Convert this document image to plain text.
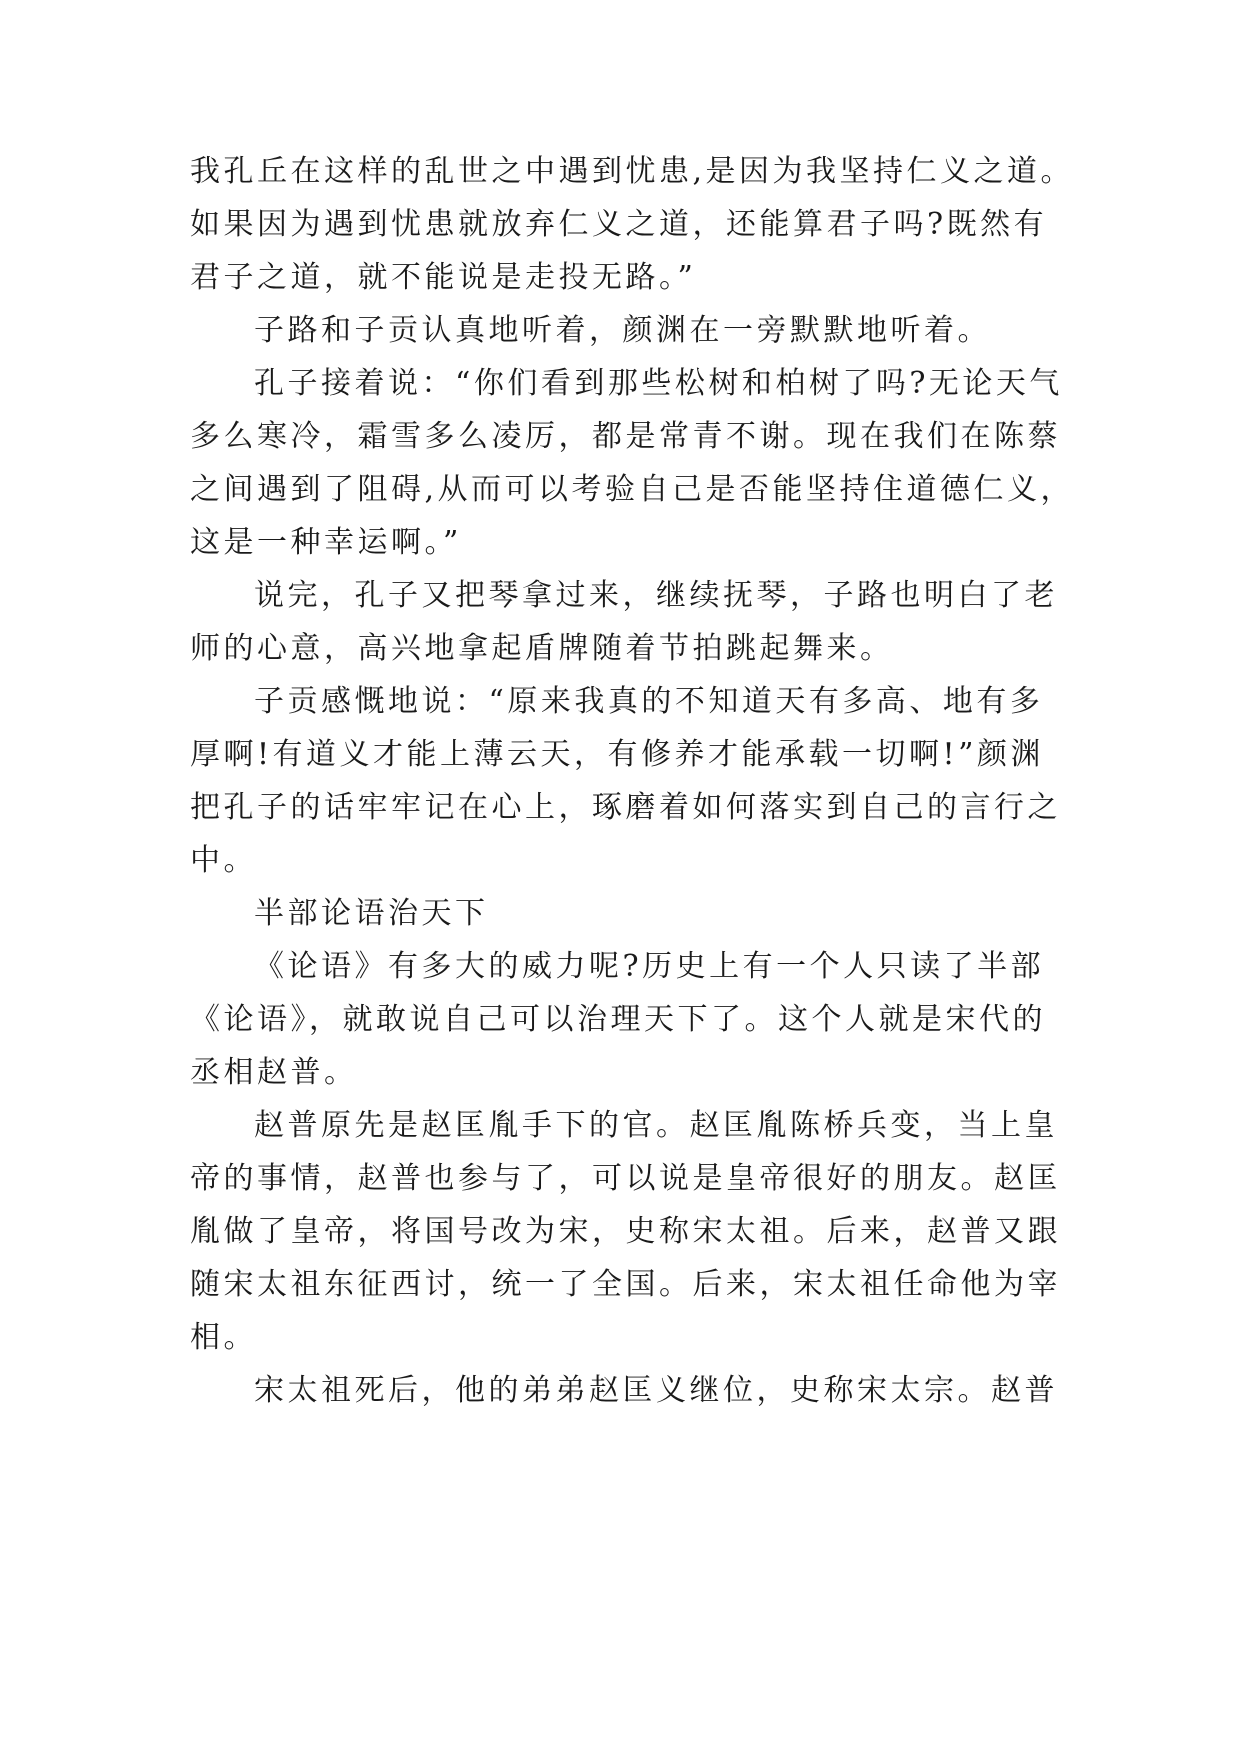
我孔丘在这样的乱世之中遇到忧患,是因为我坚持仁义之道。
如果因为遇到忧患就放弃仁义之道，还能算君子吗?既然有
君子之道，就不能说是走投无路。”
子路和子贡认真地听着，颜渊在一旁默默地听着。
孔子接着说：“你们看到那些松树和柏树了吗?无论天气
多么寒冷，霜雪多么凌厉，都是常青不谢。现在我们在陈蔡
之间遇到了阻碍,从而可以考验自己是否能坚持住道德仁义，
这是一种幸运啊。”
说完，孔子又把琴拿过来，继续抚琴，子路也明白了老
师的心意，高兴地拿起盾牌随着节拍跳起舞来。
子贡感慨地说：“原来我真的不知道天有多高、地有多
厚啊!有道义才能上薄云天，有修养才能承载一切啊!”颜渊
把孔子的话牢牢记在心上，琢磨着如何落实到自己的言行之
中。
半部论语治天下
《论语》有多大的威力呢?历史上有一个人只读了半部
《论语》，就敢说自己可以治理天下了。这个人就是宋代的
丞相赵普。
赵普原先是赵匡胤手下的官。赵匡胤陈桥兵变，当上皇
帝的事情，赵普也参与了，可以说是皇帝很好的朋友。赵匡
胤做了皇帝，将国号改为宋，史称宋太祖。后来，赵普又跟
随宋太祖东征西讨，统一了全国。后来，宋太祖任命他为宰
相。
宋太祖死后，他的弟弟赵匡义继位，史称宋太宗。赵普
